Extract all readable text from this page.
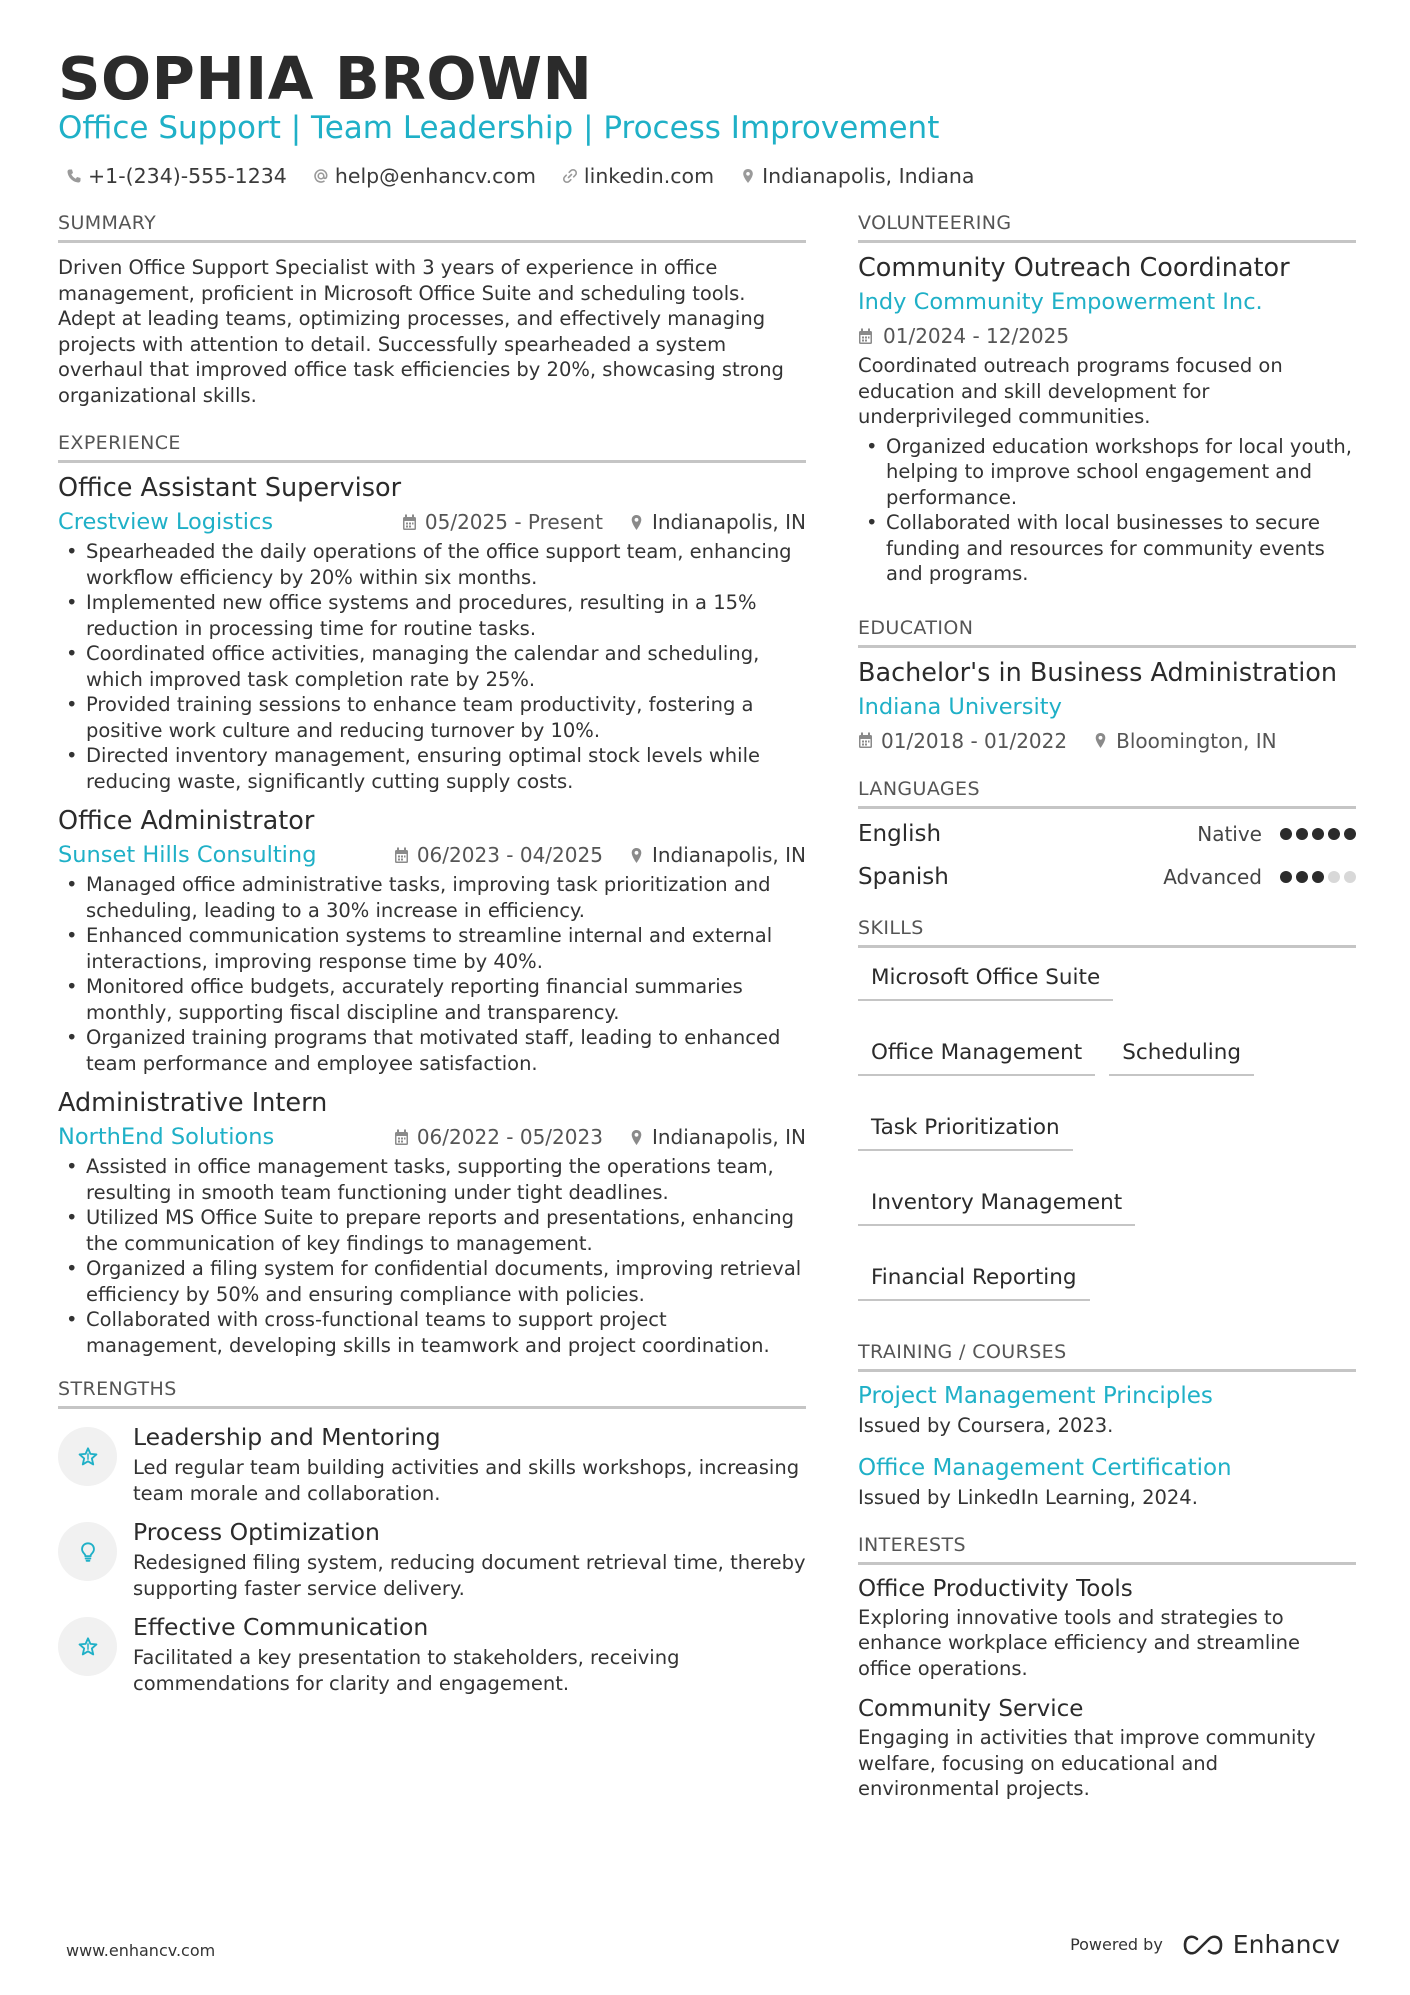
SOPHIA BROWN
Office Support | Team Leadership | Process Improvement
+1-(234)-555-1234 help@enhancv.com linkedin.com Indianapolis, Indiana
SUMMARY

Driven Office Support Specialist with 3 years of experience in office management, proficient in Microsoft Office Suite and scheduling tools. Adept at leading teams, optimizing processes, and effectively managing projects with attention to detail. Successfully spearheaded a system overhaul that improved office task efficiencies by 20%, showcasing strong organizational skills.

EXPERIENCE
Office Assistant Supervisor
Crestview Logistics	05/2025 - Present Indianapolis, IN
• Spearheaded the daily operations of the office support team, enhancing workflow efficiency by 20% within six months.
• Implemented new office systems and procedures, resulting in a 15% reduction in processing time for routine tasks.
• Coordinated office activities, managing the calendar and scheduling, which improved task completion rate by 25%.
• Provided training sessions to enhance team productivity, fostering a positive work culture and reducing turnover by 10%.
• Directed inventory management, ensuring optimal stock levels while reducing waste, significantly cutting supply costs.
Office Administrator
Sunset Hills Consulting	06/2023 - 04/2025 Indianapolis, IN
• Managed office administrative tasks, improving task prioritization and scheduling, leading to a 30% increase in efficiency.
• Enhanced communication systems to streamline internal and external interactions, improving response time by 40%.
• Monitored office budgets, accurately reporting financial summaries monthly, supporting fiscal discipline and transparency.
• Organized training programs that motivated staff, leading to enhanced team performance and employee satisfaction.
Administrative Intern
NorthEnd Solutions	06/2022 - 05/2023 Indianapolis, IN
• Assisted in office management tasks, supporting the operations team, resulting in smooth team functioning under tight deadlines.
• Utilized MS Office Suite to prepare reports and presentations, enhancing the communication of key findings to management.
• Organized a filing system for confidential documents, improving retrieval efficiency by 50% and ensuring compliance with policies.
• Collaborated with cross-functional teams to support project management, developing skills in teamwork and project coordination.
STRENGTHS
Leadership and Mentoring
Led regular team building activities and skills workshops, increasing team morale and collaboration.
Process Optimization
Redesigned filing system, reducing document retrieval time, thereby supporting faster service delivery.
Effective Communication
Facilitated a key presentation to stakeholders, receiving commendations for clarity and engagement.
VOLUNTEERING
Community Outreach Coordinator
Indy Community Empowerment Inc.
01/2024 - 12/2025

Coordinated outreach programs focused on education and skill development for underprivileged communities.

• Organized education workshops for local youth, helping to improve school engagement and performance.
• Collaborated with local businesses to secure funding and resources for community events and programs.
EDUCATION
Bachelor's in Business Administration
Indiana University
01/2018 - 01/2022 Bloomington, IN
LANGUAGES
English	Native
Spanish	Advanced
SKILLS
Microsoft Office Suite
Office Management	Scheduling
Task Prioritization
Inventory Management
Financial Reporting
TRAINING / COURSES
Project Management Principles
Issued by Coursera, 2023.
Office Management Certification
Issued by LinkedIn Learning, 2024.
INTERESTS
Office Productivity Tools
Exploring innovative tools and strategies to enhance workplace efficiency and streamline office operations.
Community Service
Engaging in activities that improve community welfare, focusing on educational and environmental projects.
www.enhancv.com	Powered by	Enhancv
